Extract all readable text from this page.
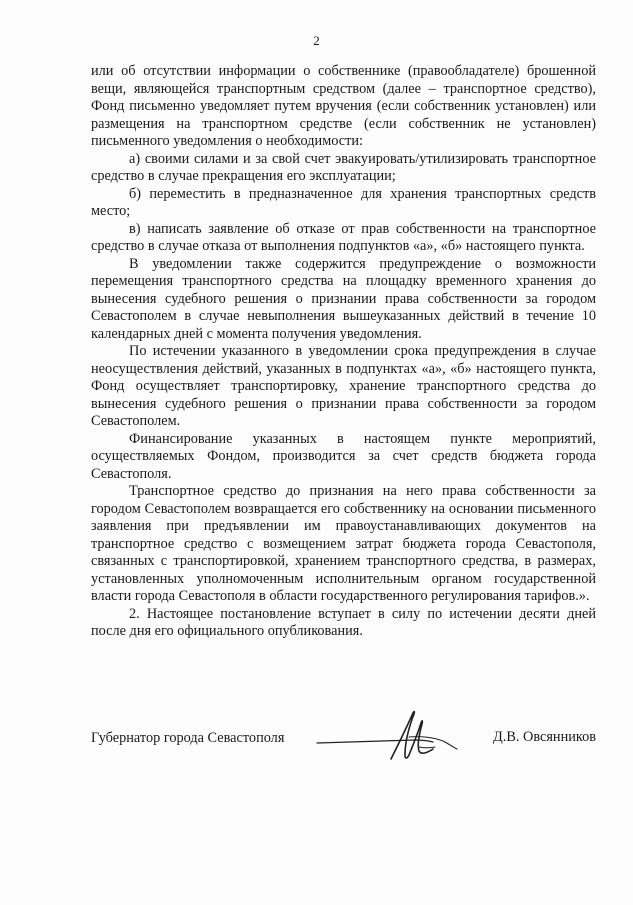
2

или об отсутствии информации о собственнике (правообладателе) брошенной вещи, являющейся транспортным средством (далее – транспортное средство), Фонд письменно уведомляет путем вручения (если собственник установлен) или размещения на транспортном средстве (если собственник не установлен) письменного уведомления о необходимости:

а) своими силами и за свой счет эвакуировать/утилизировать транспортное средство в случае прекращения его эксплуатации;

б) переместить в предназначенное для хранения транспортных средств место;

в) написать заявление об отказе от прав собственности на транспортное средство в случае отказа от выполнения подпунктов «а», «б» настоящего пункта.

В уведомлении также содержится предупреждение о возможности перемещения транспортного средства на площадку временного хранения до вынесения судебного решения о признании права собственности за городом Севастополем в случае невыполнения вышеуказанных действий в течение 10 календарных дней с момента получения уведомления.

По истечении указанного в уведомлении срока предупреждения в случае неосуществления действий, указанных в подпунктах «а», «б» настоящего пункта, Фонд осуществляет транспортировку, хранение транспортного средства до вынесения судебного решения о признании права собственности за городом Севастополем.

Финансирование указанных в настоящем пункте мероприятий, осуществляемых Фондом, производится за счет средств бюджета города Севастополя.

Транспортное средство до признания на него права собственности за городом Севастополем возвращается его собственнику на основании письменного заявления при предъявлении им правоустанавливающих документов на транспортное средство с возмещением затрат бюджета города Севастополя, связанных с транспортировкой, хранением транспортного средства, в размерах, установленных уполномоченным исполнительным органом государственной власти города Севастополя в области государственного регулирования тарифов.».

2. Настоящее постановление вступает в силу по истечении десяти дней после дня его официального опубликования.

Губернатор города Севастополя	Д.В. Овсянников
